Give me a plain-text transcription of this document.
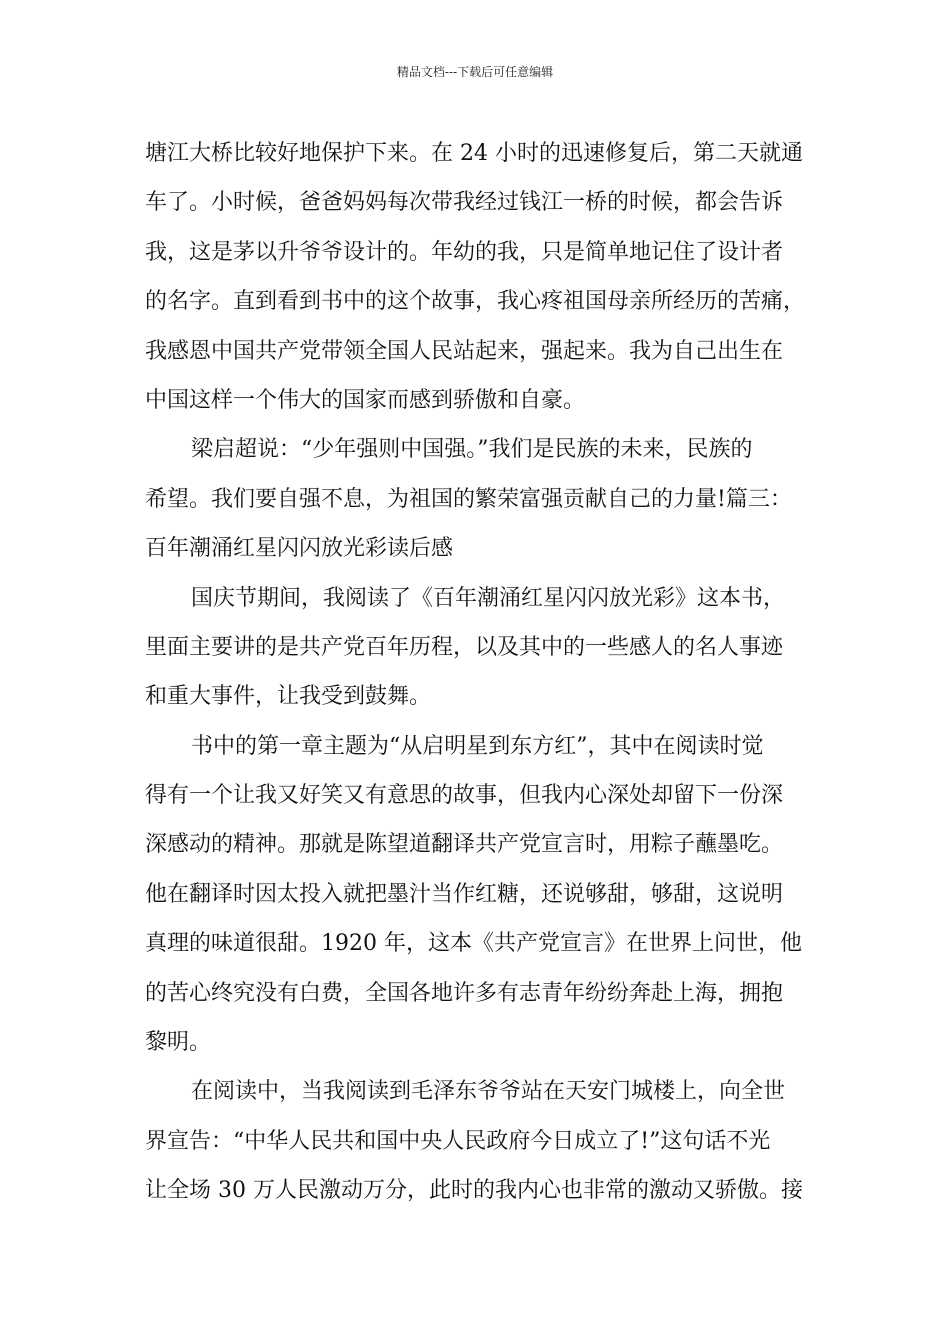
精品文档---下载后可任意编辑
塘江大桥比较好地保护下来。在 24 小时的迅速修复后，第二天就通
车了。小时候，爸爸妈妈每次带我经过钱江一桥的时候，都会告诉
我，这是茅以升爷爷设计的。年幼的我，只是简单地记住了设计者
的名字。直到看到书中的这个故事，我心疼祖国母亲所经历的苦痛，
我感恩中国共产党带领全国人民站起来，强起来。我为自己出生在
中国这样一个伟大的国家而感到骄傲和自豪。
梁启超说：“少年强则中国强。”我们是民族的未来，民族的
希望。我们要自强不息，为祖国的繁荣富强贡献自己的力量!篇三：
百年潮涌红星闪闪放光彩读后感
国庆节期间，我阅读了《百年潮涌红星闪闪放光彩》这本书，
里面主要讲的是共产党百年历程，以及其中的一些感人的名人事迹
和重大事件，让我受到鼓舞。
书中的第一章主题为“从启明星到东方红”，其中在阅读时觉
得有一个让我又好笑又有意思的故事，但我内心深处却留下一份深
深感动的精神。那就是陈望道翻译共产党宣言时，用粽子蘸墨吃。
他在翻译时因太投入就把墨汁当作红糖，还说够甜，够甜，这说明
真理的味道很甜。1920 年，这本《共产党宣言》在世界上问世，他
的苦心终究没有白费，全国各地许多有志青年纷纷奔赴上海，拥抱
黎明。
在阅读中，当我阅读到毛泽东爷爷站在天安门城楼上，向全世
界宣告：“中华人民共和国中央人民政府今日成立了!”这句话不光
让全场 30 万人民激动万分，此时的我内心也非常的激动又骄傲。接
